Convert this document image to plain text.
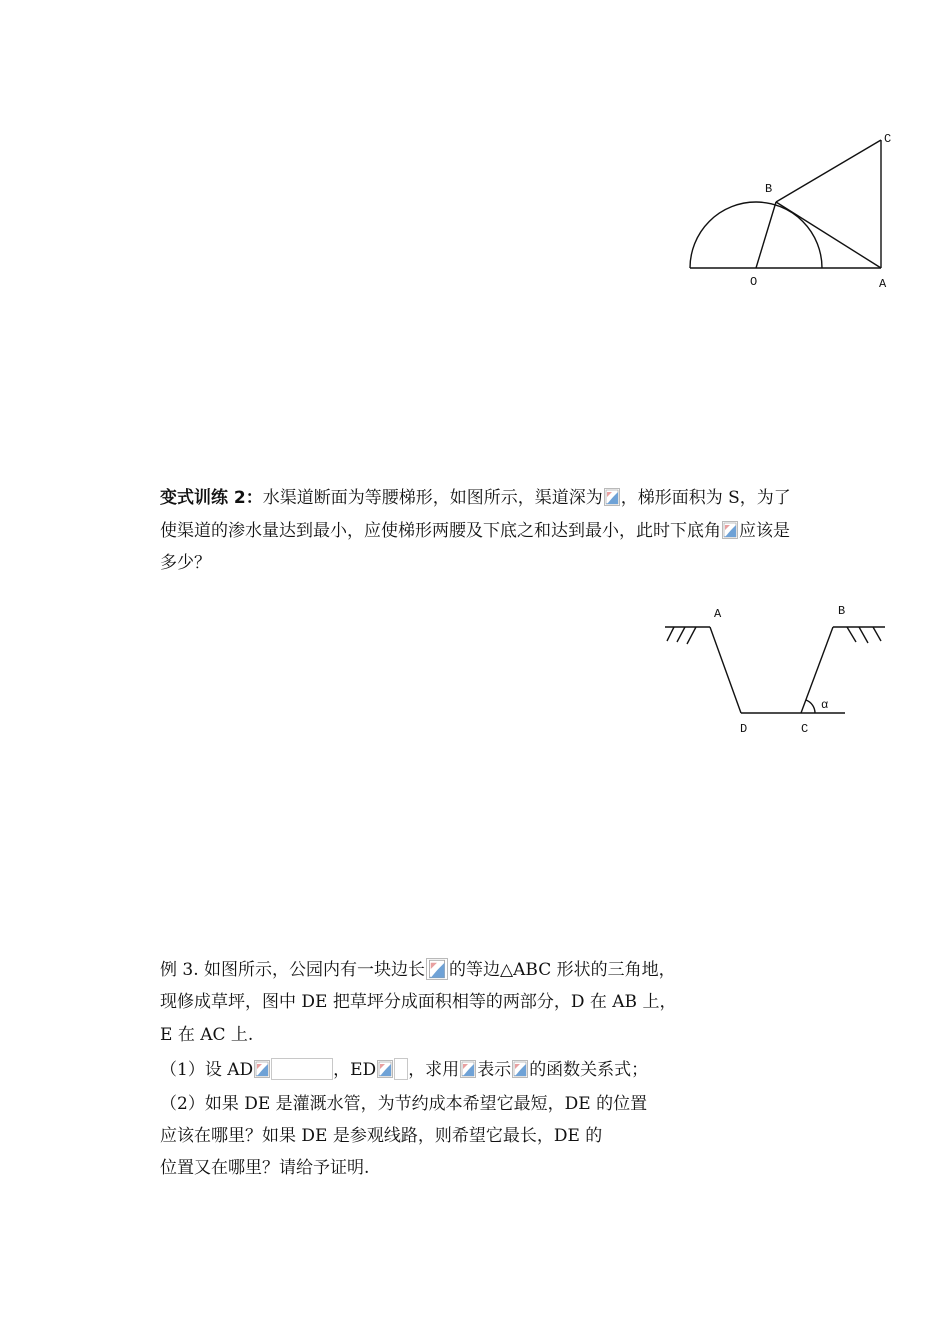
C
B
O	A
变式训练 2：水渠道断面为等腰梯形，如图所示，渠道深为 ，梯形面积为 S，为了
使渠道的渗水量达到最小，应使梯形两腰及下底之和达到最小，此时下底角 应该是
多少？
A	B
D	C
α
例 3. 如图所示，公园内有一块边长 的等边△ABC 形状的三角地，
现修成草坪，图中 DE 把草坪分成面积相等的两部分，D 在 AB 上，
E 在 AC 上.
（1）设 AD	，ED ，求用 表示 的函数关系式；
（2）如果 DE 是灌溉水管，为节约成本希望它最短，DE 的位置
应该在哪里？如果 DE 是参观线路，则希望它最长，DE 的
位置又在哪里？请给予证明.
